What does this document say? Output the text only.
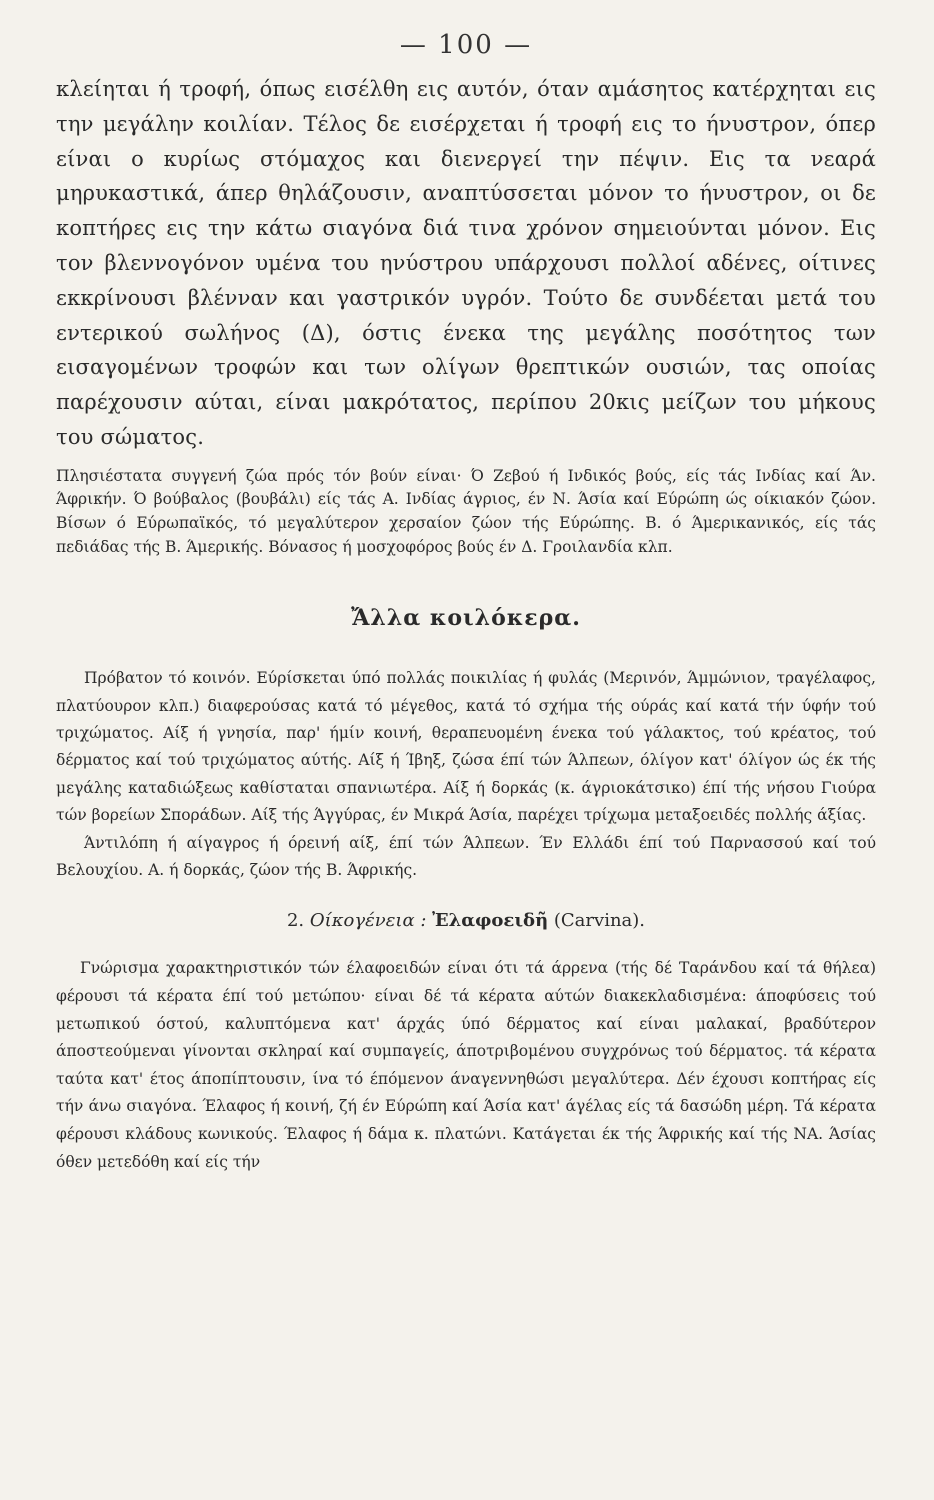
— 100 —

κλείηται ή τροφή, όπως εισέλθη εις αυτόν, όταν αμάσητος κατέρχηται εις την μεγάλην κοιλίαν. Τέλος δε εισέρχεται ή τροφή εις το ήνυστρον, όπερ είναι ο κυρίως στόμαχος και διενεργεί την πέψιν. Εις τα νεαρά μηρυκαστικά, άπερ θηλάζουσιν, αναπτύσσεται μόνον το ήνυστρον, οι δε κοπτήρες εις την κάτω σιαγόνα διά τινα χρόνον σημειούνται μόνον. Εις τον βλεννογόνον υμένα του ηνύστρου υπάρχουσι πολλοί αδένες, οίτινες εκκρίνουσι βλένναν και γαστρικόν υγρόν. Τούτο δε συνδέεται μετά του εντερικού σωλήνος (Δ), όστις ένεκα της μεγάλης ποσότητος των εισαγομένων τροφών και των ολίγων θρεπτικών ουσιών, τας οποίας παρέχουσιν αύται, είναι μακρότατος, περίπου 20κις μείζων του μήκους του σώματος.

Πλησιέστατα συγγενή ζώα πρός τόν βούν είναι· Ό Ζεβού ή Ινδικός βούς, είς τάς Ινδίας καί Άν. Άφρικήν. Ό βούβαλος (βουβάλι) είς τάς Α. Ινδίας άγριος, έν Ν. Άσία καί Εύρώπη ώς οίκιακόν ζώον. Βίσων ό Εύρωπαϊκός, τό μεγαλύτερον χερσαίον ζώον τής Εύρώπης. Β. ό Άμερικανικός, είς τάς πεδιάδας τής Β. Άμερικής. Βόνασος ή μοσχοφόρος βούς έν Δ. Γροιλανδία κλπ.

Ἄλλα κοιλόκερα.

Πρόβατον τό κοινόν. Εύρίσκεται ύπό πολλάς ποικιλίας ή φυλάς (Μερινόν, Άμμώνιον, τραγέλαφος, πλατύουρον κλπ.) διαφερούσας κατά τό μέγεθος, κατά τό σχήμα τής ούράς καί κατά τήν ύφήν τού τριχώματος. Αίξ ή γνησία, παρ' ήμίν κοινή, θεραπευομένη ένεκα τού γάλακτος, τού κρέατος, τού δέρματος καί τού τριχώματος αύτής. Αίξ ή Ίβηξ, ζώσα έπί τών Άλπεων, όλίγον κατ' όλίγον ώς έκ τής μεγάλης καταδιώξεως καθίσταται σπανιωτέρα. Αίξ ή δορκάς (κ. άγριοκάτσικο) έπί τής νήσου Γιούρα τών βορείων Σποράδων. Αίξ τής Άγγύρας, έν Μικρά Άσία, παρέχει τρίχωμα μεταξοειδές πολλής άξίας.

Άντιλόπη ή αίγαγρος ή όρεινή αίξ, έπί τών Άλπεων. Έν Ελλάδι έπί τού Παρνασσού καί τού Βελουχίου. Α. ή δορκάς, ζώον τής Β. Άφρικής.

2. Οίκογένεια : Ἐλαφοειδῆ (Carvina).

Γνώρισμα χαρακτηριστικόν τών έλαφοειδών είναι ότι τά άρρενα (τής δέ Ταράνδου καί τά θήλεα) φέρουσι τά κέρατα έπί τού μετώπου· είναι δέ τά κέρατα αύτών διακεκλαδισμένα: άποφύσεις τού μετωπικού όστού, καλυπτόμενα κατ' άρχάς ύπό δέρματος καί είναι μαλακαί, βραδύτερον άποστεούμεναι γίνονται σκληραί καί συμπαγείς, άποτριβομένου συγχρόνως τού δέρματος. τά κέρατα ταύτα κατ' έτος άποπίπτουσιν, ίνα τό έπόμενον άναγεννηθώσι μεγαλύτερα. Δέν έχουσι κοπτήρας είς τήν άνω σιαγόνα. Έλαφος ή κοινή, ζή έν Εύρώπη καί Άσία κατ' άγέλας είς τά δασώδη μέρη. Τά κέρατα φέρουσι κλάδους κωνικούς. Έλαφος ή δάμα κ. πλατώνι. Κατάγεται έκ τής Άφρικής καί τής ΝΑ. Άσίας όθεν μετεδόθη καί είς τήν
